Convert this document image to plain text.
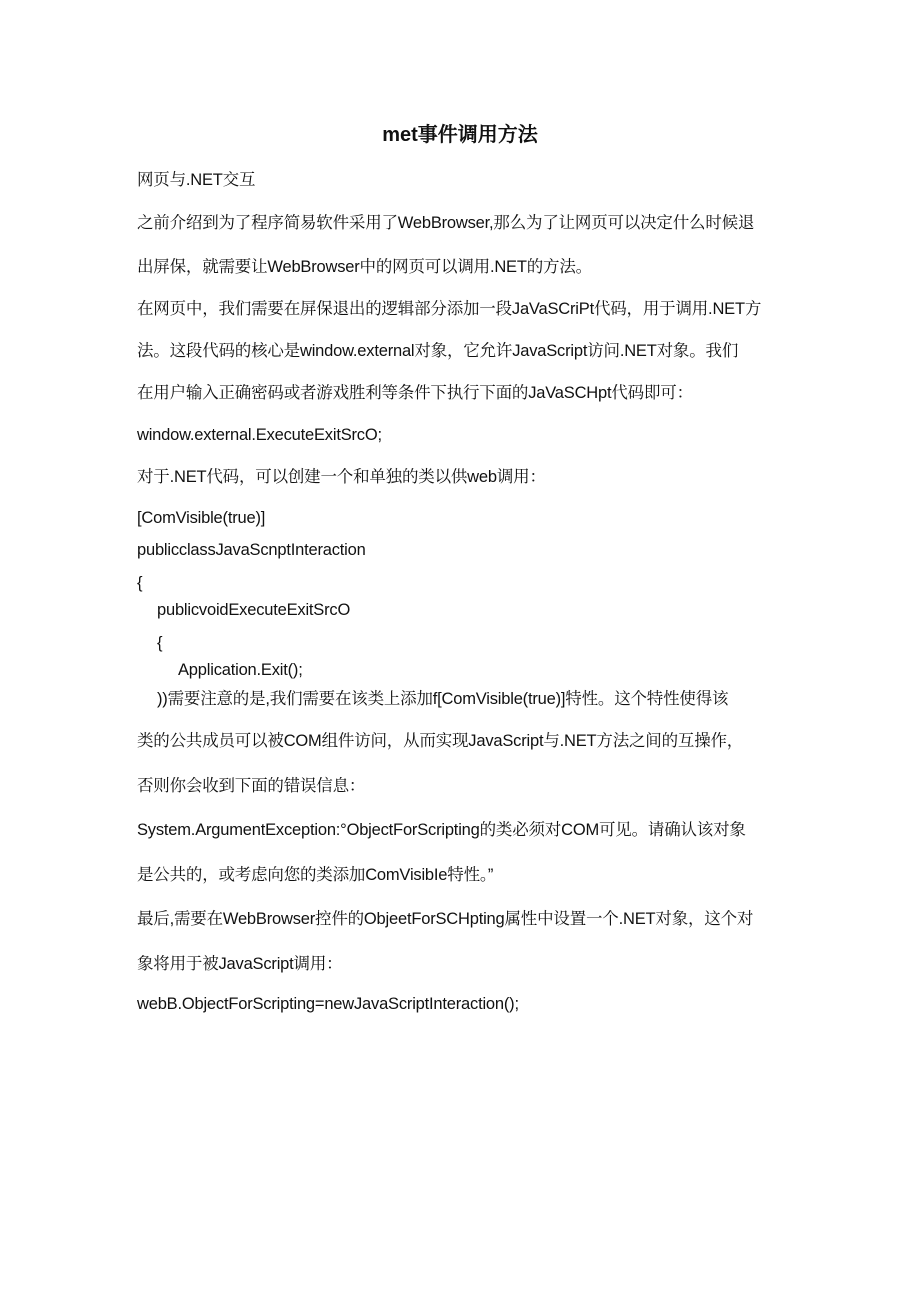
met事件调用方法
网页与.NET交互
之前介绍到为了程序简易软件采用了WebBrowser,那么为了让网页可以决定什么时候退
出屏保，就需要让WebBrowser中的网页可以调用.NET的方法。
在网页中，我们需要在屏保退出的逻辑部分添加一段JaVaSCriPt代码，用于调用.NET方
法。这段代码的核心是window.external对象，它允许JavaScript访问.NET对象。我们
在用户输入正确密码或者游戏胜利等条件下执行下面的JaVaSCHpt代码即可：
window.external.ExecuteExitSrcO;
对于.NET代码，可以创建一个和单独的类以供web调用：
[ComVisible(true)]
publicclassJavaScnptInteraction
{
publicvoidExecuteExitSrcO
{
Application.Exit();
))需要注意的是,我们需要在该类上添加f[ComVisible(true)]特性。这个特性使得该
类的公共成员可以被COM组件访问，从而实现JavaScript与.NET方法之间的互操作，
否则你会收到下面的错误信息：
System.ArgumentException:°ObjectForScripting的类必须对COM可见。请确认该对象
是公共的，或考虑向您的类添加ComVisibIe特性。”
最后,需要在WebBrowser控件的ObjeetForSCHpting属性中设置一个.NET对象，这个对
象将用于被JavaScript调用：
webB.ObjectForScripting=newJavaScriptInteraction();
